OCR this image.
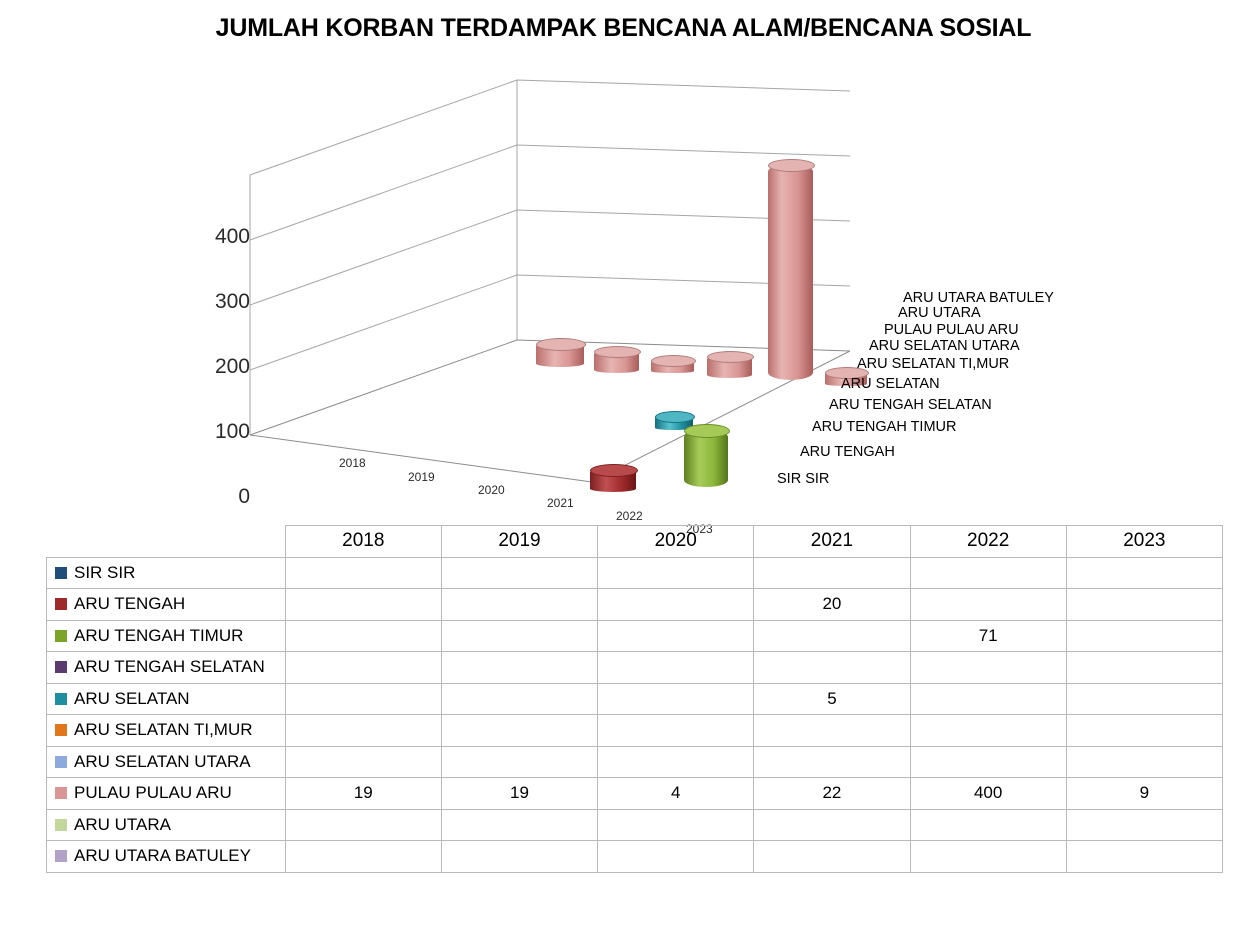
JUMLAH KORBAN TERDAMPAK BENCANA ALAM/BENCANA SOSIAL
400
300
200
100
0
2018
2019
2020
2021
2022
2023
ARU UTARA BATULEY
ARU UTARA
PULAU PULAU ARU
ARU SELATAN UTARA
ARU SELATAN TI,MUR
ARU SELATAN
ARU TENGAH SELATAN
ARU TENGAH TIMUR
ARU TENGAH
SIR SIR
	2018	2019	2020	2021	2022	2023
SIR SIR						
ARU TENGAH				20		
ARU TENGAH TIMUR					71	
ARU TENGAH SELATAN						
ARU SELATAN				5		
ARU SELATAN TI,MUR						
ARU SELATAN UTARA						
PULAU PULAU ARU	19	19	4	22	400	9
ARU UTARA						
ARU UTARA BATULEY						
